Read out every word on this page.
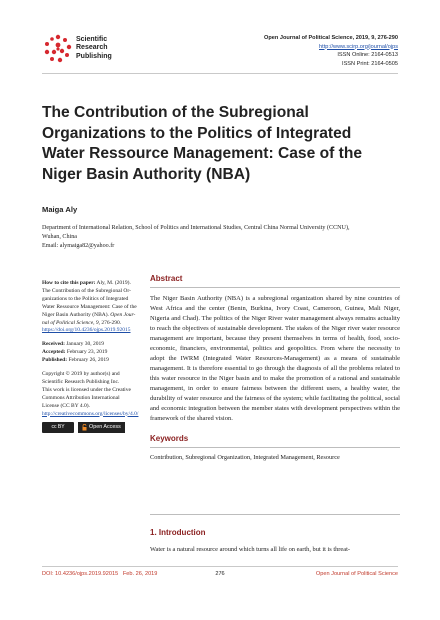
Scientific
Research
Publishing
Open Journal of Political Science, 2019, 9, 276-290
http://www.scirp.org/journal/ojps
ISSN Online: 2164-0513
ISSN Print: 2164-0505
The Contribution of the Subregional
Organizations to the Politics of Integrated
Water Ressource Management: Case of the
Niger Basin Authority (NBA)
Maiga Aly
Department of International Relation, School of Politics and International Studies, Central China Normal University (CCNU),
Wuhan, China
Email: alymaiga82@yahoo.fr
How to cite this paper: Aly, M. (2019).
The Contribution of the Subregional Or-
ganizations to the Politics of Integrated
Water Ressource Management: Case of the
Niger Basin Authority (NBA). Open Jour-
nal of Political Science, 9, 276-290.
https://doi.org/10.4236/ojps.2019.92015
Received: January 30, 2019
Accepted: February 23, 2019
Published: February 26, 2019
Copyright © 2019 by author(s) and
Scientific Research Publishing Inc.
This work is licensed under the Creative
Commons Attribution International
License (CC BY 4.0).
http://creativecommons.org/licenses/by/4.0/
cc BY	Open Access
Abstract
The Niger Basin Authority (NBA) is a subregional organization shared by nine countries of West Africa and the center (Benin, Burkina, Ivory Coast, Cameroon, Guinea, Mali Niger, Nigeria and Chad). The politics of the Niger River water management always remains actuality to reach the objectives of sustainable development. The stakes of the Niger river water resource management are important, because they present themselves in terms of health, food, socio-economic, financiers, environmental, politics and geopolitics. From where the necessity to adopt the IWRM (Integrated Water Resources-Management) as a means of sustainable management. It is therefore essential to go through the diagnosis of all the problems related to this water resource in the Niger basin and to make the promotion of a rational and sustainable management, in order to ensure fairness between the different users, a healthy water, the durability of water resource and the fairness of the system; while facilitating the political, social and economic integration between the member states with development perspectives within the framework of the shared vision.
Keywords
Contribution, Subregional Organization, Integrated Management, Resource
1. Introduction
Water is a natural resource around which turns all life on earth, but it is threat-
DOI: 10.4236/ojps.2019.92015 Feb. 26, 2019	276	Open Journal of Political Science
